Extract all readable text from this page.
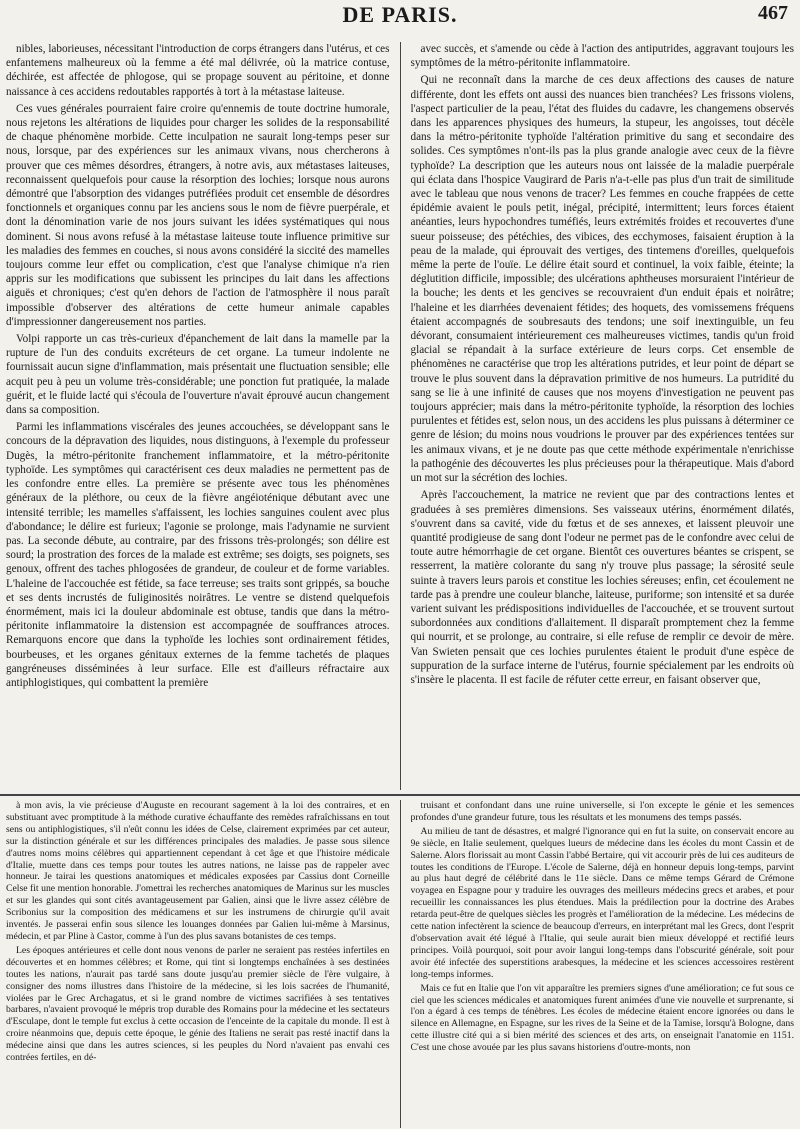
DE PARIS.	467

nibles, laborieuses, nécessitant l'introduction de corps étrangers dans l'utérus, et ces enfantemens malheureux où la femme a été mal délivrée, où la matrice contuse, déchirée, est affectée de phlogose, qui se propage souvent au péritoine, et donne naissance à ces accidens redoutables rapportés à tort à la métastase laiteuse.

Ces vues générales pourraient faire croire qu'ennemis de toute doctrine humorale, nous rejetons les altérations de liquides pour charger les solides de la responsabilité de chaque phénomène morbide. Cette inculpation ne saurait long-temps peser sur nous, lorsque, par des expériences sur les animaux vivans, nous chercherons à prouver que ces mêmes désordres, étrangers, à notre avis, aux métastases laiteuses, reconnaissent quelquefois pour cause la résorption des lochies; lorsque nous aurons démontré que l'absorption des vidanges putréfiées produit cet ensemble de désordres fonctionnels et organiques connu par les anciens sous le nom de fièvre puerpérale, et dont la dénomination varie de nos jours suivant les idées systématiques qui nous dominent. Si nous avons refusé à la métastase laiteuse toute influence primitive sur les maladies des femmes en couches, si nous avons considéré la siccité des mamelles toujours comme leur effet ou complication, c'est que l'analyse chimique n'a rien appris sur les modifications que subissent les principes du lait dans les affections aiguës et chroniques; c'est qu'en dehors de l'action de l'atmosphère il nous paraît impossible d'observer des altérations de cette humeur animale capables d'impressionner dangereusement nos parties.

Volpi rapporte un cas très-curieux d'épanchement de lait dans la mamelle par la rupture de l'un des conduits excréteurs de cet organe. La tumeur indolente ne fournissait aucun signe d'inflammation, mais présentait une fluctuation sensible; elle acquit peu à peu un volume très-considérable; une ponction fut pratiquée, la malade guérit, et le fluide lacté qui s'écoula de l'ouverture n'avait éprouvé aucun changement dans sa composition.

Parmi les inflammations viscérales des jeunes accouchées, se développant sans le concours de la dépravation des liquides, nous distinguons, à l'exemple du professeur Dugès, la métro-péritonite franchement inflammatoire, et la métro-péritonite typhoïde. Les symptômes qui caractérisent ces deux maladies ne permettent pas de les confondre entre elles. La première se présente avec tous les phénomènes généraux de la pléthore, ou ceux de la fièvre angéioténique débutant avec une intensité terrible; les mamelles s'affaissent, les lochies sanguines coulent avec plus d'abondance; le délire est furieux; l'agonie se prolonge, mais l'adynamie ne survient pas. La seconde débute, au contraire, par des frissons très-prolongés; son délire est sourd; la prostration des forces de la malade est extrême; ses doigts, ses poignets, ses genoux, offrent des taches phlogosées de grandeur, de couleur et de forme variables. L'haleine de l'accouchée est fétide, sa face terreuse; ses traits sont grippés, sa bouche et ses dents incrustés de fuliginosités noirâtres. Le ventre se distend quelquefois énormément, mais ici la douleur abdominale est obtuse, tandis que dans la métro-péritonite inflammatoire la distension est accompagnée de souffrances atroces. Remarquons encore que dans la typhoïde les lochies sont ordinairement fétides, bourbeuses, et les organes génitaux externes de la femme tachetés de plaques gangréneuses disséminées à leur surface. Elle est d'ailleurs réfractaire aux antiphlogistiques, qui combattent la première

avec succès, et s'amende ou cède à l'action des antiputrides, aggravant toujours les symptômes de la métro-péritonite inflammatoire.

Qui ne reconnaît dans la marche de ces deux affections des causes de nature différente, dont les effets ont aussi des nuances bien tranchées? Les frissons violens, l'aspect particulier de la peau, l'état des fluides du cadavre, les changemens observés dans les apparences physiques des humeurs, la stupeur, les angoisses, tout décèle dans la métro-péritonite typhoïde l'altération primitive du sang et secondaire des solides. Ces symptômes n'ont-ils pas la plus grande analogie avec ceux de la fièvre typhoïde? La description que les auteurs nous ont laissée de la maladie puerpérale qui éclata dans l'hospice Vaugirard de Paris n'a-t-elle pas plus d'un trait de similitude avec le tableau que nous venons de tracer? Les femmes en couche frappées de cette épidémie avaient le pouls petit, inégal, précipité, intermittent; leurs forces étaient anéanties, leurs hypochondres tuméfiés, leurs extrémités froides et recouvertes d'une sueur poisseuse; des pétéchies, des vibices, des ecchymoses, faisaient éruption à la peau de la malade, qui éprouvait des vertiges, des tintemens d'oreilles, quelquefois même la perte de l'ouïe. Le délire était sourd et continuel, la voix faible, éteinte; la déglutition difficile, impossible; des ulcérations aphtheuses morsuraient l'intérieur de la bouche; les dents et les gencives se recouvraient d'un enduit épais et noirâtre; l'haleine et les diarrhées devenaient fétides; des hoquets, des vomissemens fréquens étaient accompagnés de soubresauts des tendons; une soif inextinguible, un feu dévorant, consumaient intérieurement ces malheureuses victimes, tandis qu'un froid glacial se répandait à la surface extérieure de leurs corps. Cet ensemble de phénomènes ne caractérise que trop les altérations putrides, et leur point de départ se trouve le plus souvent dans la dépravation primitive de nos humeurs. La putridité du sang se lie à une infinité de causes que nos moyens d'investigation ne peuvent pas toujours apprécier; mais dans la métro-péritonite typhoïde, la résorption des lochies purulentes et fétides est, selon nous, un des accidens les plus puissans à déterminer ce genre de lésion; du moins nous voudrions le prouver par des expériences tentées sur les animaux vivans, et je ne doute pas que cette méthode expérimentale n'enrichisse la pathogénie des découvertes les plus précieuses pour la thérapeutique. Mais d'abord un mot sur la sécrétion des lochies.

Après l'accouchement, la matrice ne revient que par des contractions lentes et graduées à ses premières dimensions. Ses vaisseaux utérins, énormément dilatés, s'ouvrent dans sa cavité, vide du fœtus et de ses annexes, et laissent pleuvoir une quantité prodigieuse de sang dont l'odeur ne permet pas de le confondre avec celui de toute autre hémorrhagie de cet organe. Bientôt ces ouvertures béantes se crispent, se resserrent, la matière colorante du sang n'y trouve plus passage; la sérosité seule suinte à travers leurs parois et constitue les lochies séreuses; enfin, cet écoulement ne tarde pas à prendre une couleur blanche, laiteuse, puriforme; son intensité et sa durée varient suivant les prédispositions individuelles de l'accouchée, et se trouvent surtout subordonnées aux conditions d'allaitement. Il disparaît promptement chez la femme qui nourrit, et se prolonge, au contraire, si elle refuse de remplir ce devoir de mère. Van Swieten pensait que ces lochies purulentes étaient le produit d'une espèce de suppuration de la surface interne de l'utérus, fournie spécialement par les endroits où s'insère le placenta. Il est facile de réfuter cette erreur, en faisant observer que,

à mon avis, la vie précieuse d'Auguste en recourant sagement à la loi des contraires, et en substituant avec promptitude à la méthode curative échauffante des remèdes rafraîchissans en tout sens ou antiphlogistiques, s'il n'eût connu les idées de Celse, clairement exprimées par cet auteur, sur la distinction générale et sur les différences principales des maladies. Je passe sous silence d'autres noms moins célèbres qui appartiennent cependant à cet âge et que l'histoire médicale d'Italie, muette dans ces temps pour toutes les autres nations, ne laisse pas de rappeler avec honneur. Je tairai les questions anatomiques et médicales exposées par Cassius dont Corneille Celse fit une mention honorable. J'omettrai les recherches anatomiques de Marinus sur les muscles et sur les glandes qui sont cités avantageusement par Galien, ainsi que le livre assez célèbre de Scribonius sur la composition des médicamens et sur les instrumens de chirurgie qu'il avait inventés. Je passerai enfin sous silence les louanges données par Galien lui-même à Marsinus, médecin, et par Pline à Castor, comme à l'un des plus savans botanistes de ces temps.

Les époques antérieures et celle dont nous venons de parler ne seraient pas restées infertiles en découvertes et en hommes célèbres; et Rome, qui tint si longtemps enchaînées à ses destinées toutes les nations, n'aurait pas tardé sans doute jusqu'au premier siècle de l'ère vulgaire, à consigner des noms illustres dans l'histoire de la médecine, si les lois sacrées de l'humanité, violées par le Grec Archagatus, et si le grand nombre de victimes sacrifiées à ses tentatives barbares, n'avaient provoqué le mépris trop durable des Romains pour la médecine et les sectateurs d'Esculape, dont le temple fut exclus à cette occasion de l'enceinte de la capitale du monde. Il est à croire néanmoins que, depuis cette époque, le génie des Italiens ne serait pas resté inactif dans la médecine ainsi que dans les autres sciences, si les peuples du Nord n'avaient pas envahi ces contrées fertiles, en dé-

truisant et confondant dans une ruine universelle, si l'on excepte le génie et les semences profondes d'une grandeur future, tous les résultats et les monumens des temps passés.

Au milieu de tant de désastres, et malgré l'ignorance qui en fut la suite, on conservait encore au 9e siècle, en Italie seulement, quelques lueurs de médecine dans les écoles du mont Cassin et de Salerne. Alors florissait au mont Cassin l'abbé Bertaire, qui vit accourir près de lui ces auditeurs de toutes les conditions de l'Europe. L'école de Salerne, déjà en honneur depuis long-temps, parvint au plus haut degré de célébrité dans le 11e siècle. Dans ce même temps Gérard de Crémone voyagea en Espagne pour y traduire les ouvrages des meilleurs médecins grecs et arabes, et pour recueillir les connaissances les plus étendues. Mais la prédilection pour la doctrine des Arabes retarda peut-être de quelques siècles les progrès et l'amélioration de la médecine. Les médecins de cette nation infectèrent la science de beaucoup d'erreurs, en interprétant mal les Grecs, dont l'esprit d'observation avait été légué à l'Italie, qui seule aurait bien mieux développé et rectifié leurs principes. Voilà pourquoi, soit pour avoir langui long-temps dans l'obscurité générale, soit pour avoir été infectée des superstitions arabesques, la médecine et les sciences accessoires restèrent long-temps informes.

Mais ce fut en Italie que l'on vit apparaître les premiers signes d'une amélioration; ce fut sous ce ciel que les sciences médicales et anatomiques furent animées d'une vie nouvelle et surprenante, si l'on a égard à ces temps de ténèbres. Les écoles de médecine étaient encore ignorées ou dans le silence en Allemagne, en Espagne, sur les rives de la Seine et de la Tamise, lorsqu'à Bologne, dans cette illustre cité qui a si bien mérité des sciences et des arts, on enseignait l'anatomie en 1151. C'est une chose avouée par les plus savans historiens d'outre-monts, non
